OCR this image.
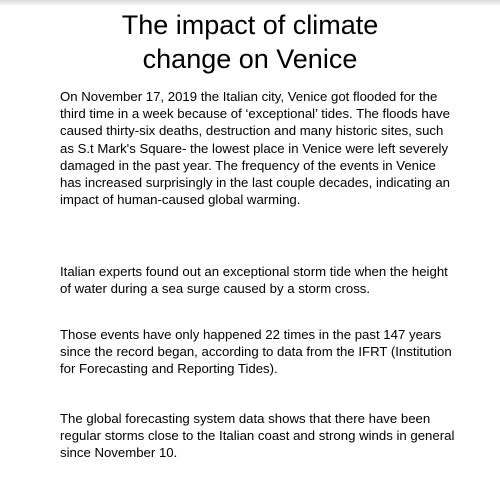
The impact of climate
change on Venice

On November 17, 2019 the Italian city, Venice got flooded for the third time in a week because of ‘exceptional’ tides. The floods have caused thirty-six deaths, destruction and many historic sites, such as S.t Mark's Square- the lowest place in Venice were left severely damaged in the past year. The frequency of the events in Venice has increased surprisingly in the last couple decades, indicating an impact of human-caused global warming.

Italian experts found out an exceptional storm tide when the height of water during a sea surge caused by a storm cross.

Those events have only happened 22 times in the past 147 years since the record began, according to data from the IFRT (Institution for Forecasting and Reporting Tides).

The global forecasting system data shows that there have been regular storms close to the Italian coast and strong winds in general since November 10.
